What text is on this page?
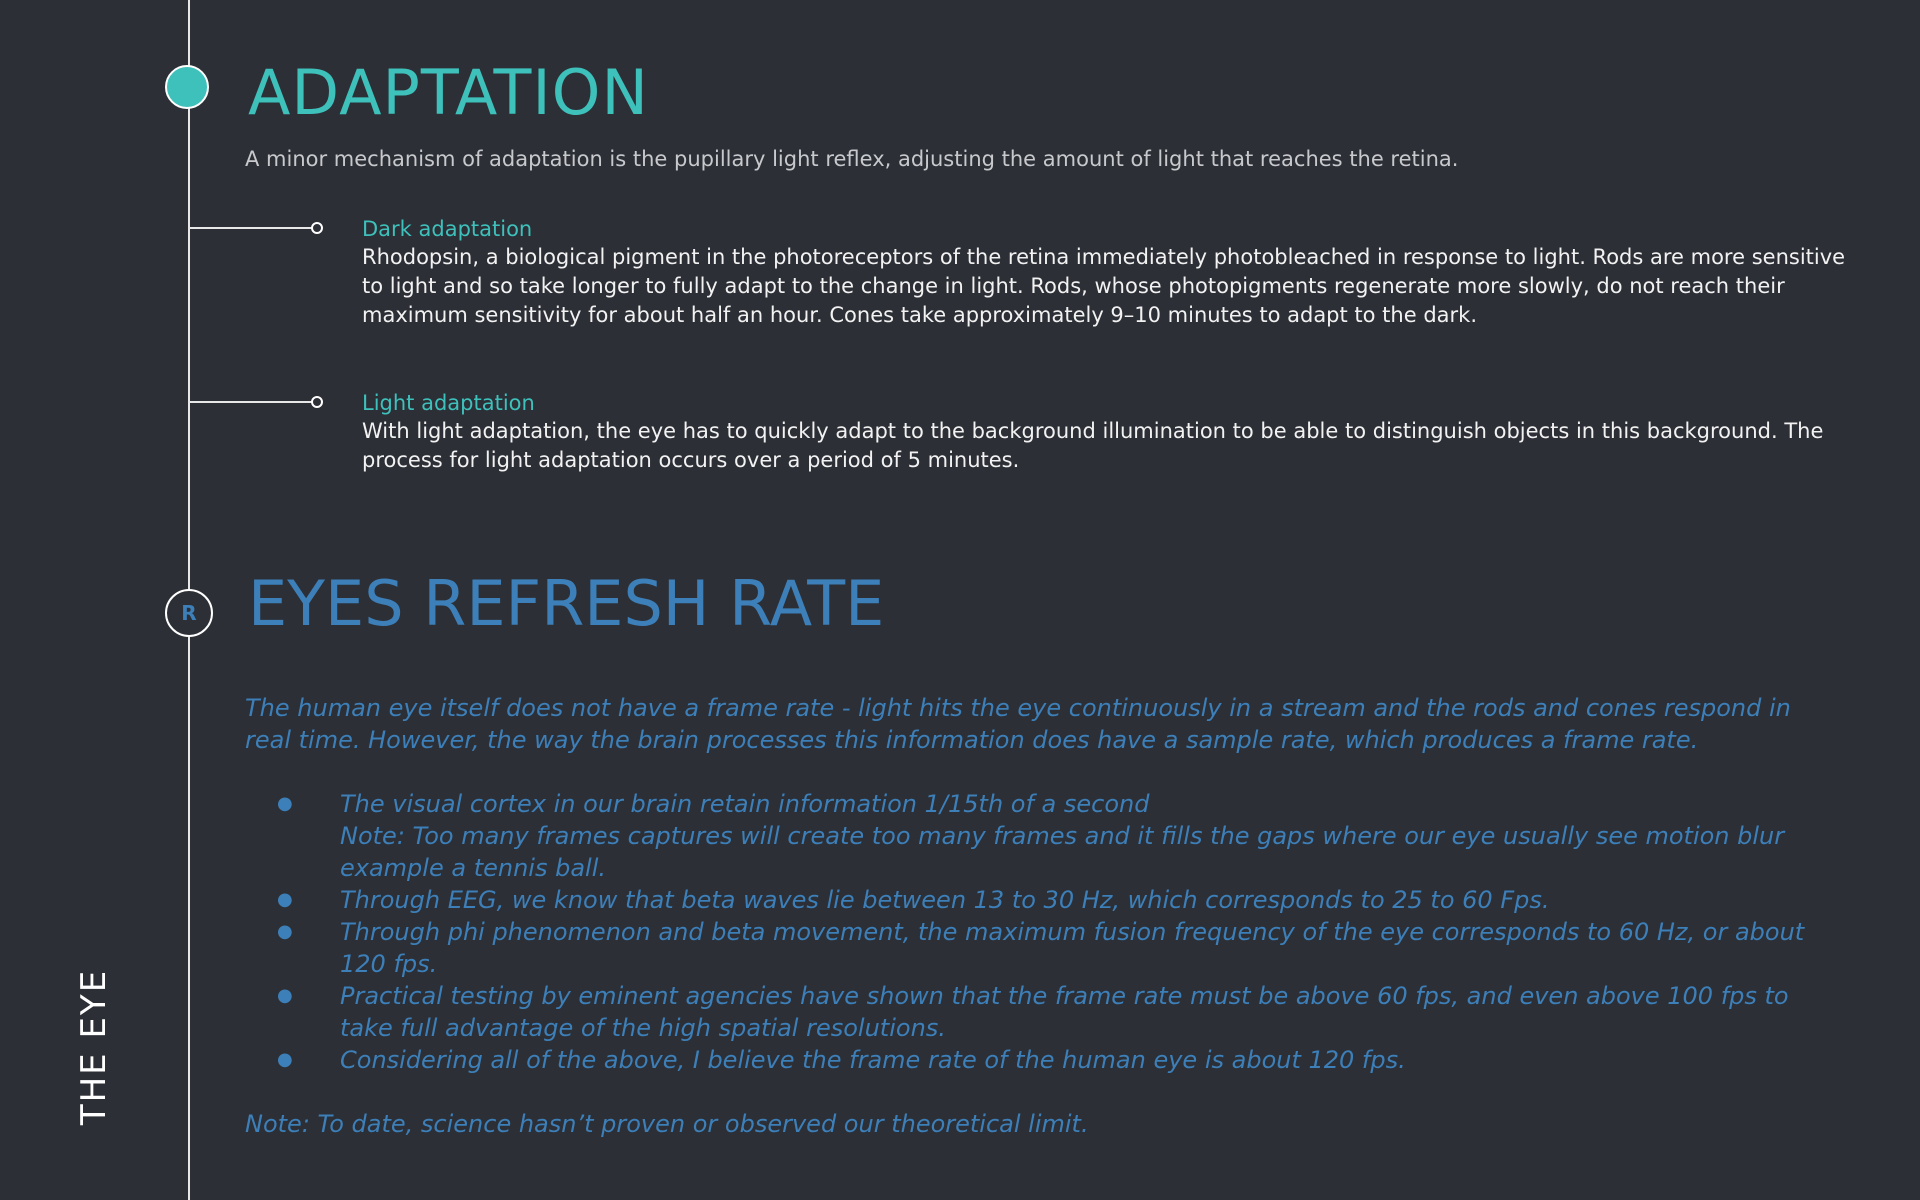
R
ADAPTATION
A minor mechanism of adaptation is the pupillary light reflex, adjusting the amount of light that reaches the retina.
Dark adaptation

Rhodopsin, a biological pigment in the photoreceptors of the retina immediately photobleached in response to light. Rods are more sensitive to light and so take longer to fully adapt to the change in light. Rods, whose photopigments regenerate more slowly, do not reach their maximum sensitivity for about half an hour. Cones take approximately 9–10 minutes to adapt to the dark.

Light adaptation

With light adaptation, the eye has to quickly adapt to the background illumination to be able to distinguish objects in this background. The process for light adaptation occurs over a period of 5 minutes.

EYES REFRESH RATE

The human eye itself does not have a frame rate - light hits the eye continuously in a stream and the rods and cones respond in real time. However, the way the brain processes this information does have a sample rate, which produces a frame rate.

● The visual cortex in our brain retain information 1/15th of a second
Note: Too many frames captures will create too many frames and it fills the gaps where our eye usually see motion blur example a tennis ball.
● Through EEG, we know that beta waves lie between 13 to 30 Hz, which corresponds to 25 to 60 Fps.
● Through phi phenomenon and beta movement, the maximum fusion frequency of the eye corresponds to 60 Hz, or about 120 fps.
● Practical testing by eminent agencies have shown that the frame rate must be above 60 fps, and even above 100 fps to take full advantage of the high spatial resolutions.
● Considering all of the above, I believe the frame rate of the human eye is about 120 fps.

Note: To date, science hasn’t proven or observed our theoretical limit.

THE EYE
